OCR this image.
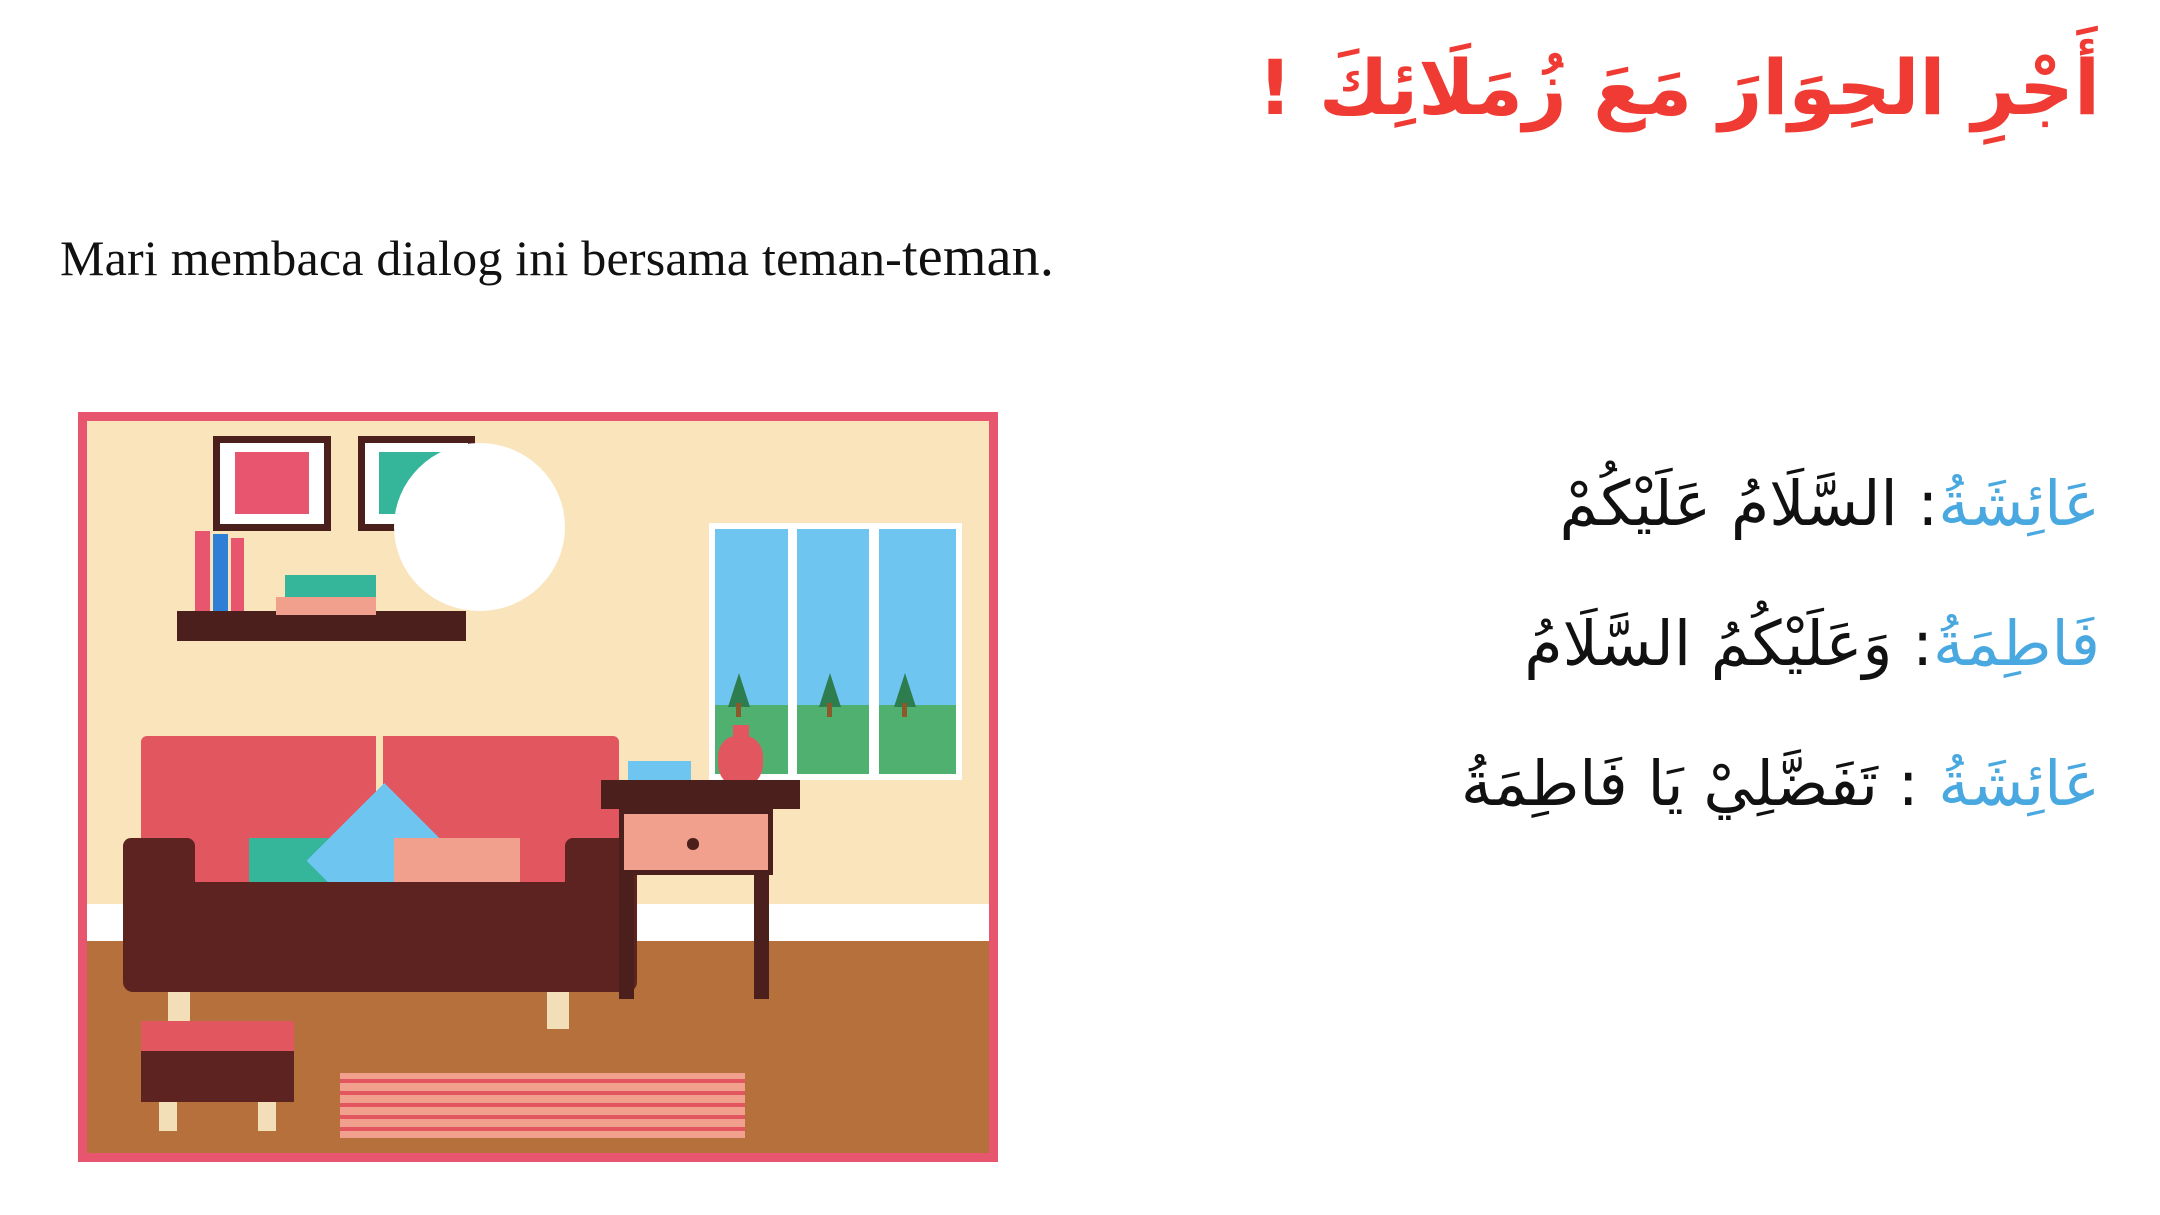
أَجْرِ الحِوَارَ مَعَ زُمَلَائِكَ !
Mari membaca dialog ini bersama teman-teman.
عَائِشَةُ: السَّلَامُ عَلَيْكُمْ
فَاطِمَةُ: وَعَلَيْكُمُ السَّلَامُ
عَائِشَةُ : تَفَضَّلِيْ يَا فَاطِمَةُ
